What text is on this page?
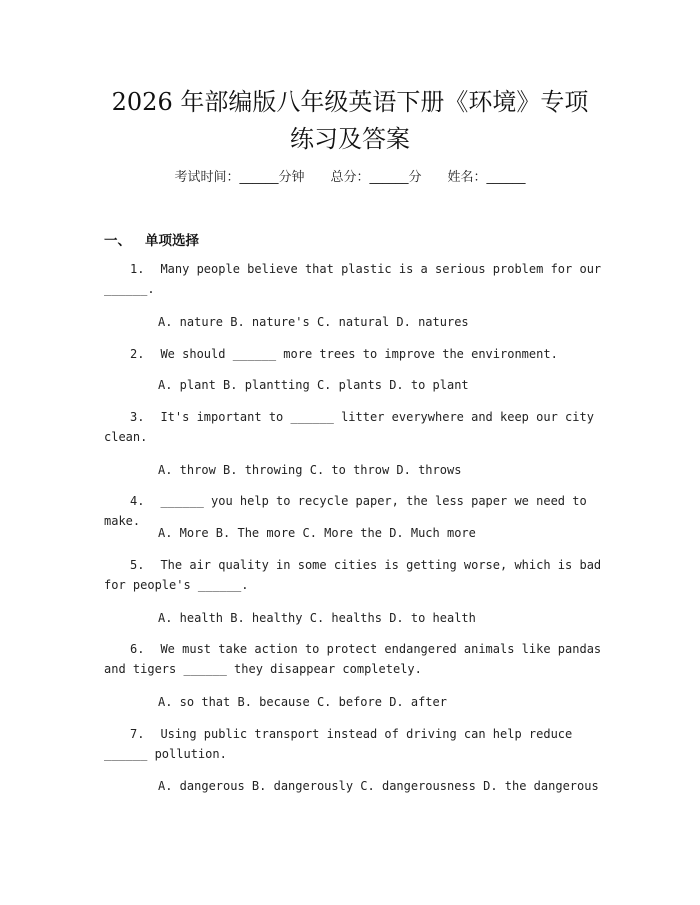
2026 年部编版八年级英语下册《环境》专项
练习及答案
考试时间：______分钟 总分：______分 姓名：______
一、 单项选择
1. Many people believe that plastic is a serious problem for our ______.
A. nature B. nature's C. natural D. natures
2. We should ______ more trees to improve the environment.
A. plant B. plantting C. plants D. to plant
3. It's important to ______ litter everywhere and keep our city clean.
A. throw B. throwing C. to throw D. throws
4. ______ you help to recycle paper, the less paper we need to make.
A. More B. The more C. More the D. Much more
5. The air quality in some cities is getting worse, which is bad for people's ______.
A. health B. healthy C. healths D. to health
6. We must take action to protect endangered animals like pandas and tigers ______ they disappear completely.
A. so that B. because C. before D. after
7. Using public transport instead of driving can help reduce ______ pollution.
A. dangerous B. dangerously C. dangerousness D. the dangerous
